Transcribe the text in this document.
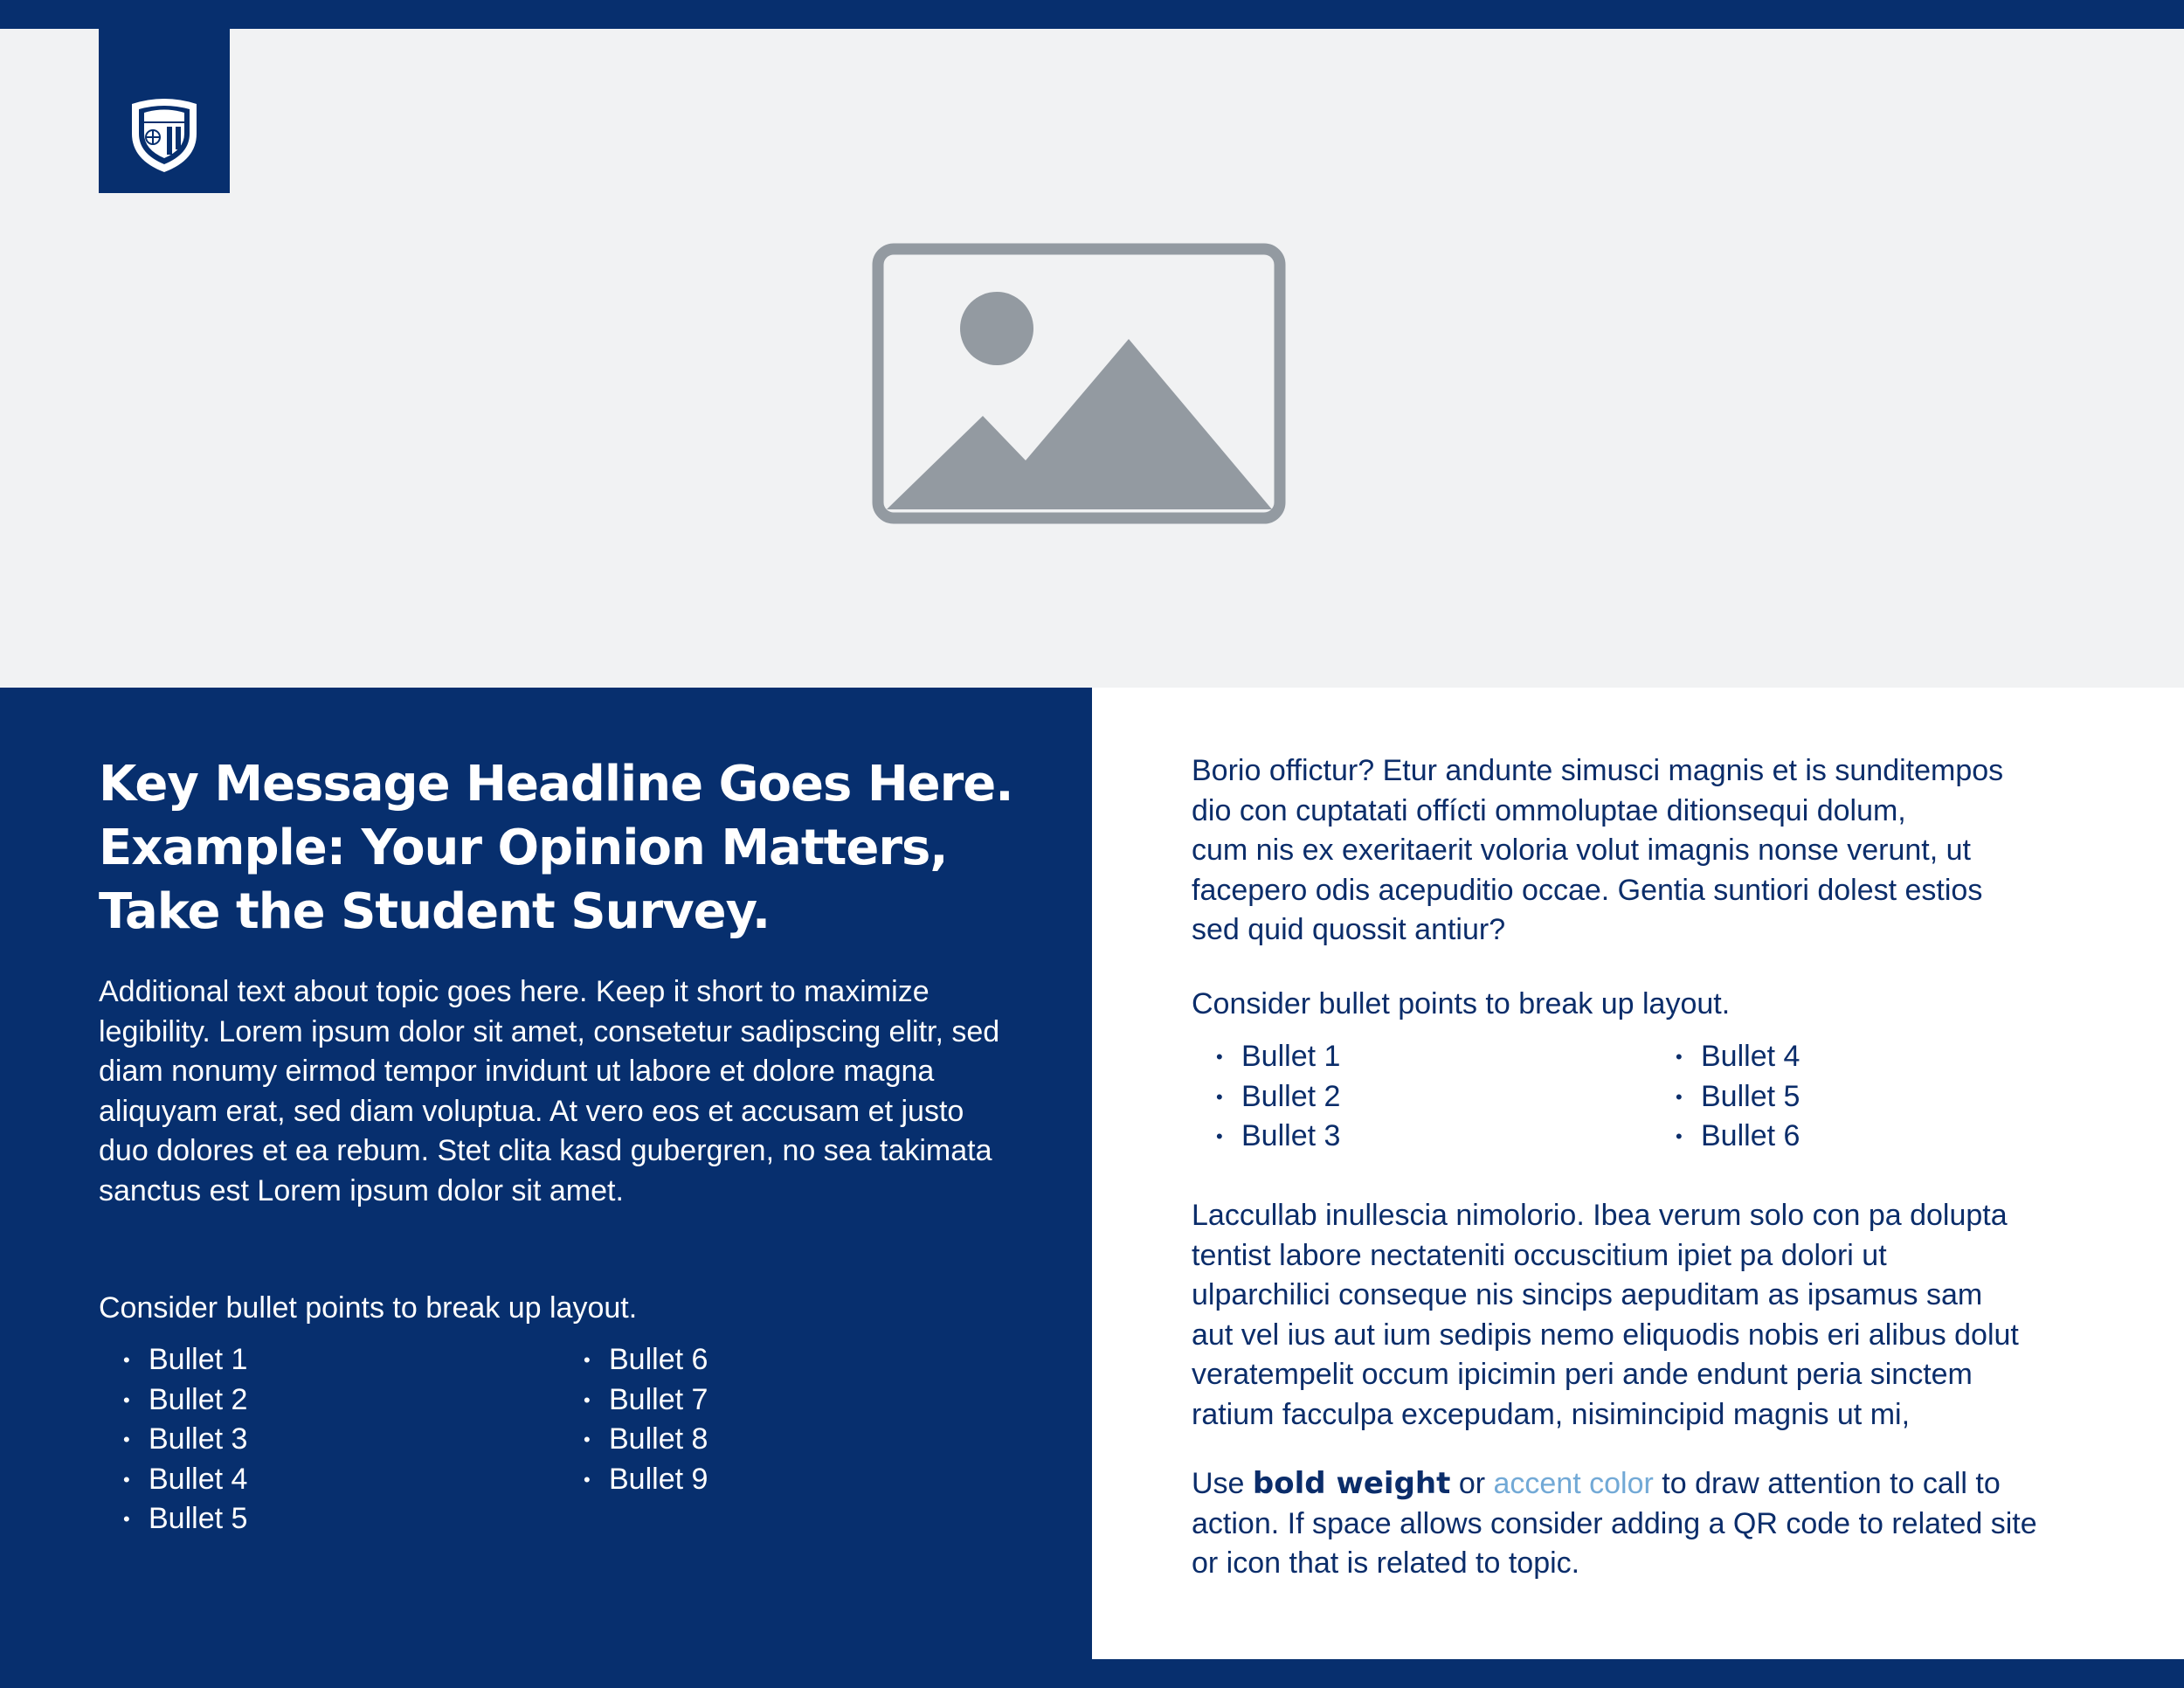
Key Message Headline Goes Here.
Example: Your Opinion Matters,
Take the Student Survey.

Additional text about topic goes here. Keep it short to maximize legibility. Lorem ipsum dolor sit amet, consetetur sadipscing elitr, sed diam nonumy eirmod tempor invidunt ut labore et dolore magna aliquyam erat, sed diam voluptua. At vero eos et accusam et justo duo dolores et ea rebum. Stet clita kasd gubergren, no sea takimata sanctus est Lorem ipsum dolor sit amet.

Consider bullet points to break up layout.

• Bullet 1
• Bullet 2
• Bullet 3
• Bullet 4
• Bullet 5
• Bullet 6
• Bullet 7
• Bullet 8
• Bullet 9

Borio offictur? Etur andunte simusci magnis et is sunditempos
dio con cuptatati offícti ommoluptae ditionsequi dolum,
cum nis ex exeritaerit voloria volut imagnis nonse verunt, ut
facepero odis acepuditio occae. Gentia suntiori dolest estios
sed quid quossit antiur?

Consider bullet points to break up layout.

• Bullet 1
• Bullet 2
• Bullet 3
• Bullet 4
• Bullet 5
• Bullet 6

Laccullab inullescia nimolorio. Ibea verum solo con pa dolupta
tentist labore nectateniti occuscitium ipiet pa dolori ut
ulparchilici conseque nis sincips aepuditam as ipsamus sam
aut vel ius aut ium sedipis nemo eliquodis nobis eri alibus dolut
veratempelit occum ipicimin peri ande endunt peria sinctem
ratium facculpa excepudam, nisimincipid magnis ut mi,

Use bold weight or accent color to draw attention to call to
action. If space allows consider adding a QR code to related site
or icon that is related to topic.
